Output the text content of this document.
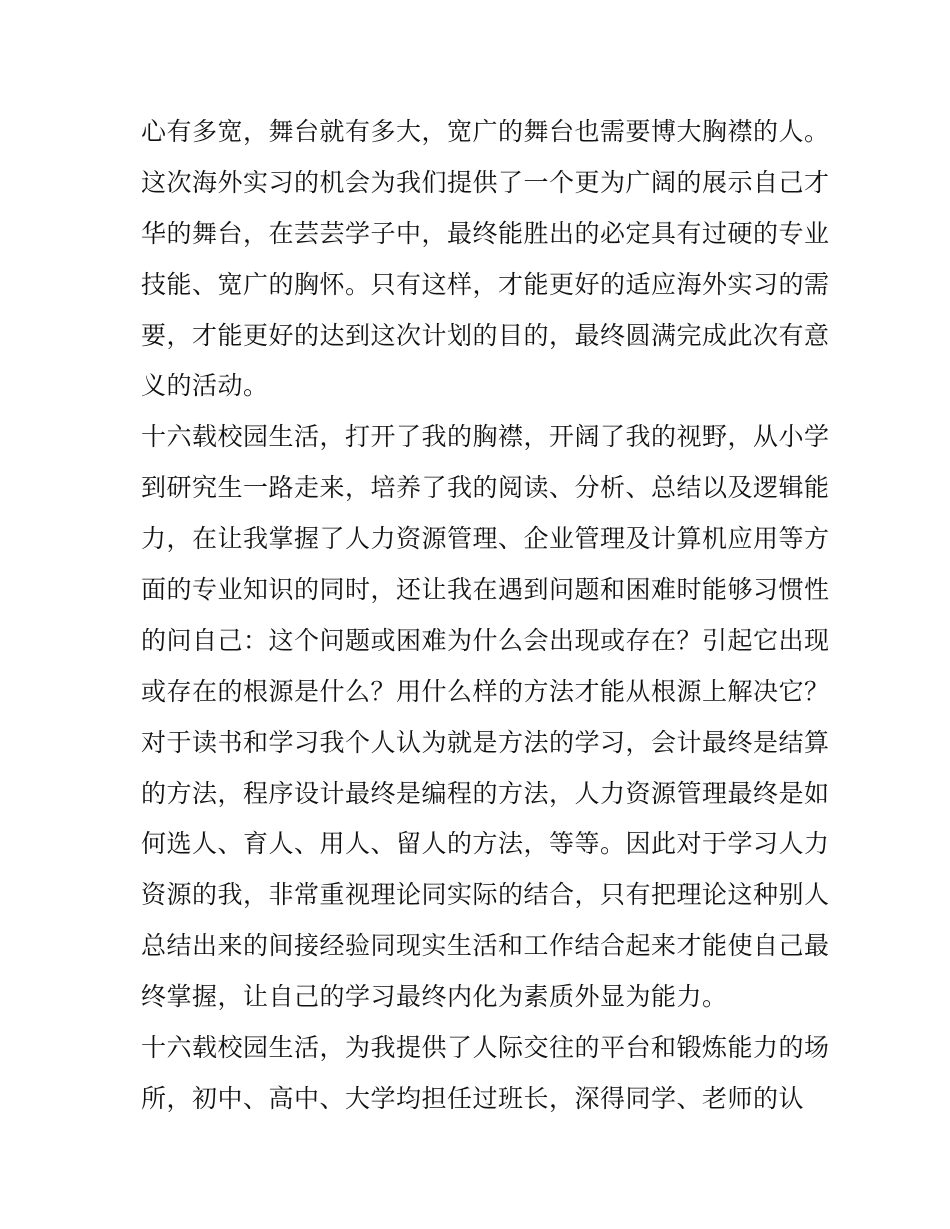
心有多宽，舞台就有多大，宽广的舞台也需要博大胸襟的人。
这次海外实习的机会为我们提供了一个更为广阔的展示自己才
华的舞台，在芸芸学子中，最终能胜出的必定具有过硬的专业
技能、宽广的胸怀。只有这样，才能更好的适应海外实习的需
要，才能更好的达到这次计划的目的，最终圆满完成此次有意
义的活动。
十六载校园生活，打开了我的胸襟，开阔了我的视野，从小学
到研究生一路走来，培养了我的阅读、分析、总结以及逻辑能
力，在让我掌握了人力资源管理、企业管理及计算机应用等方
面的专业知识的同时，还让我在遇到问题和困难时能够习惯性
的问自己：这个问题或困难为什么会出现或存在？引起它出现
或存在的根源是什么？用什么样的方法才能从根源上解决它？
对于读书和学习我个人认为就是方法的学习，会计最终是结算
的方法，程序设计最终是编程的方法，人力资源管理最终是如
何选人、育人、用人、留人的方法，等等。因此对于学习人力
资源的我，非常重视理论同实际的结合，只有把理论这种别人
总结出来的间接经验同现实生活和工作结合起来才能使自己最
终掌握，让自己的学习最终内化为素质外显为能力。
十六载校园生活，为我提供了人际交往的平台和锻炼能力的场
所，初中、高中、大学均担任过班长，深得同学、老师的认
